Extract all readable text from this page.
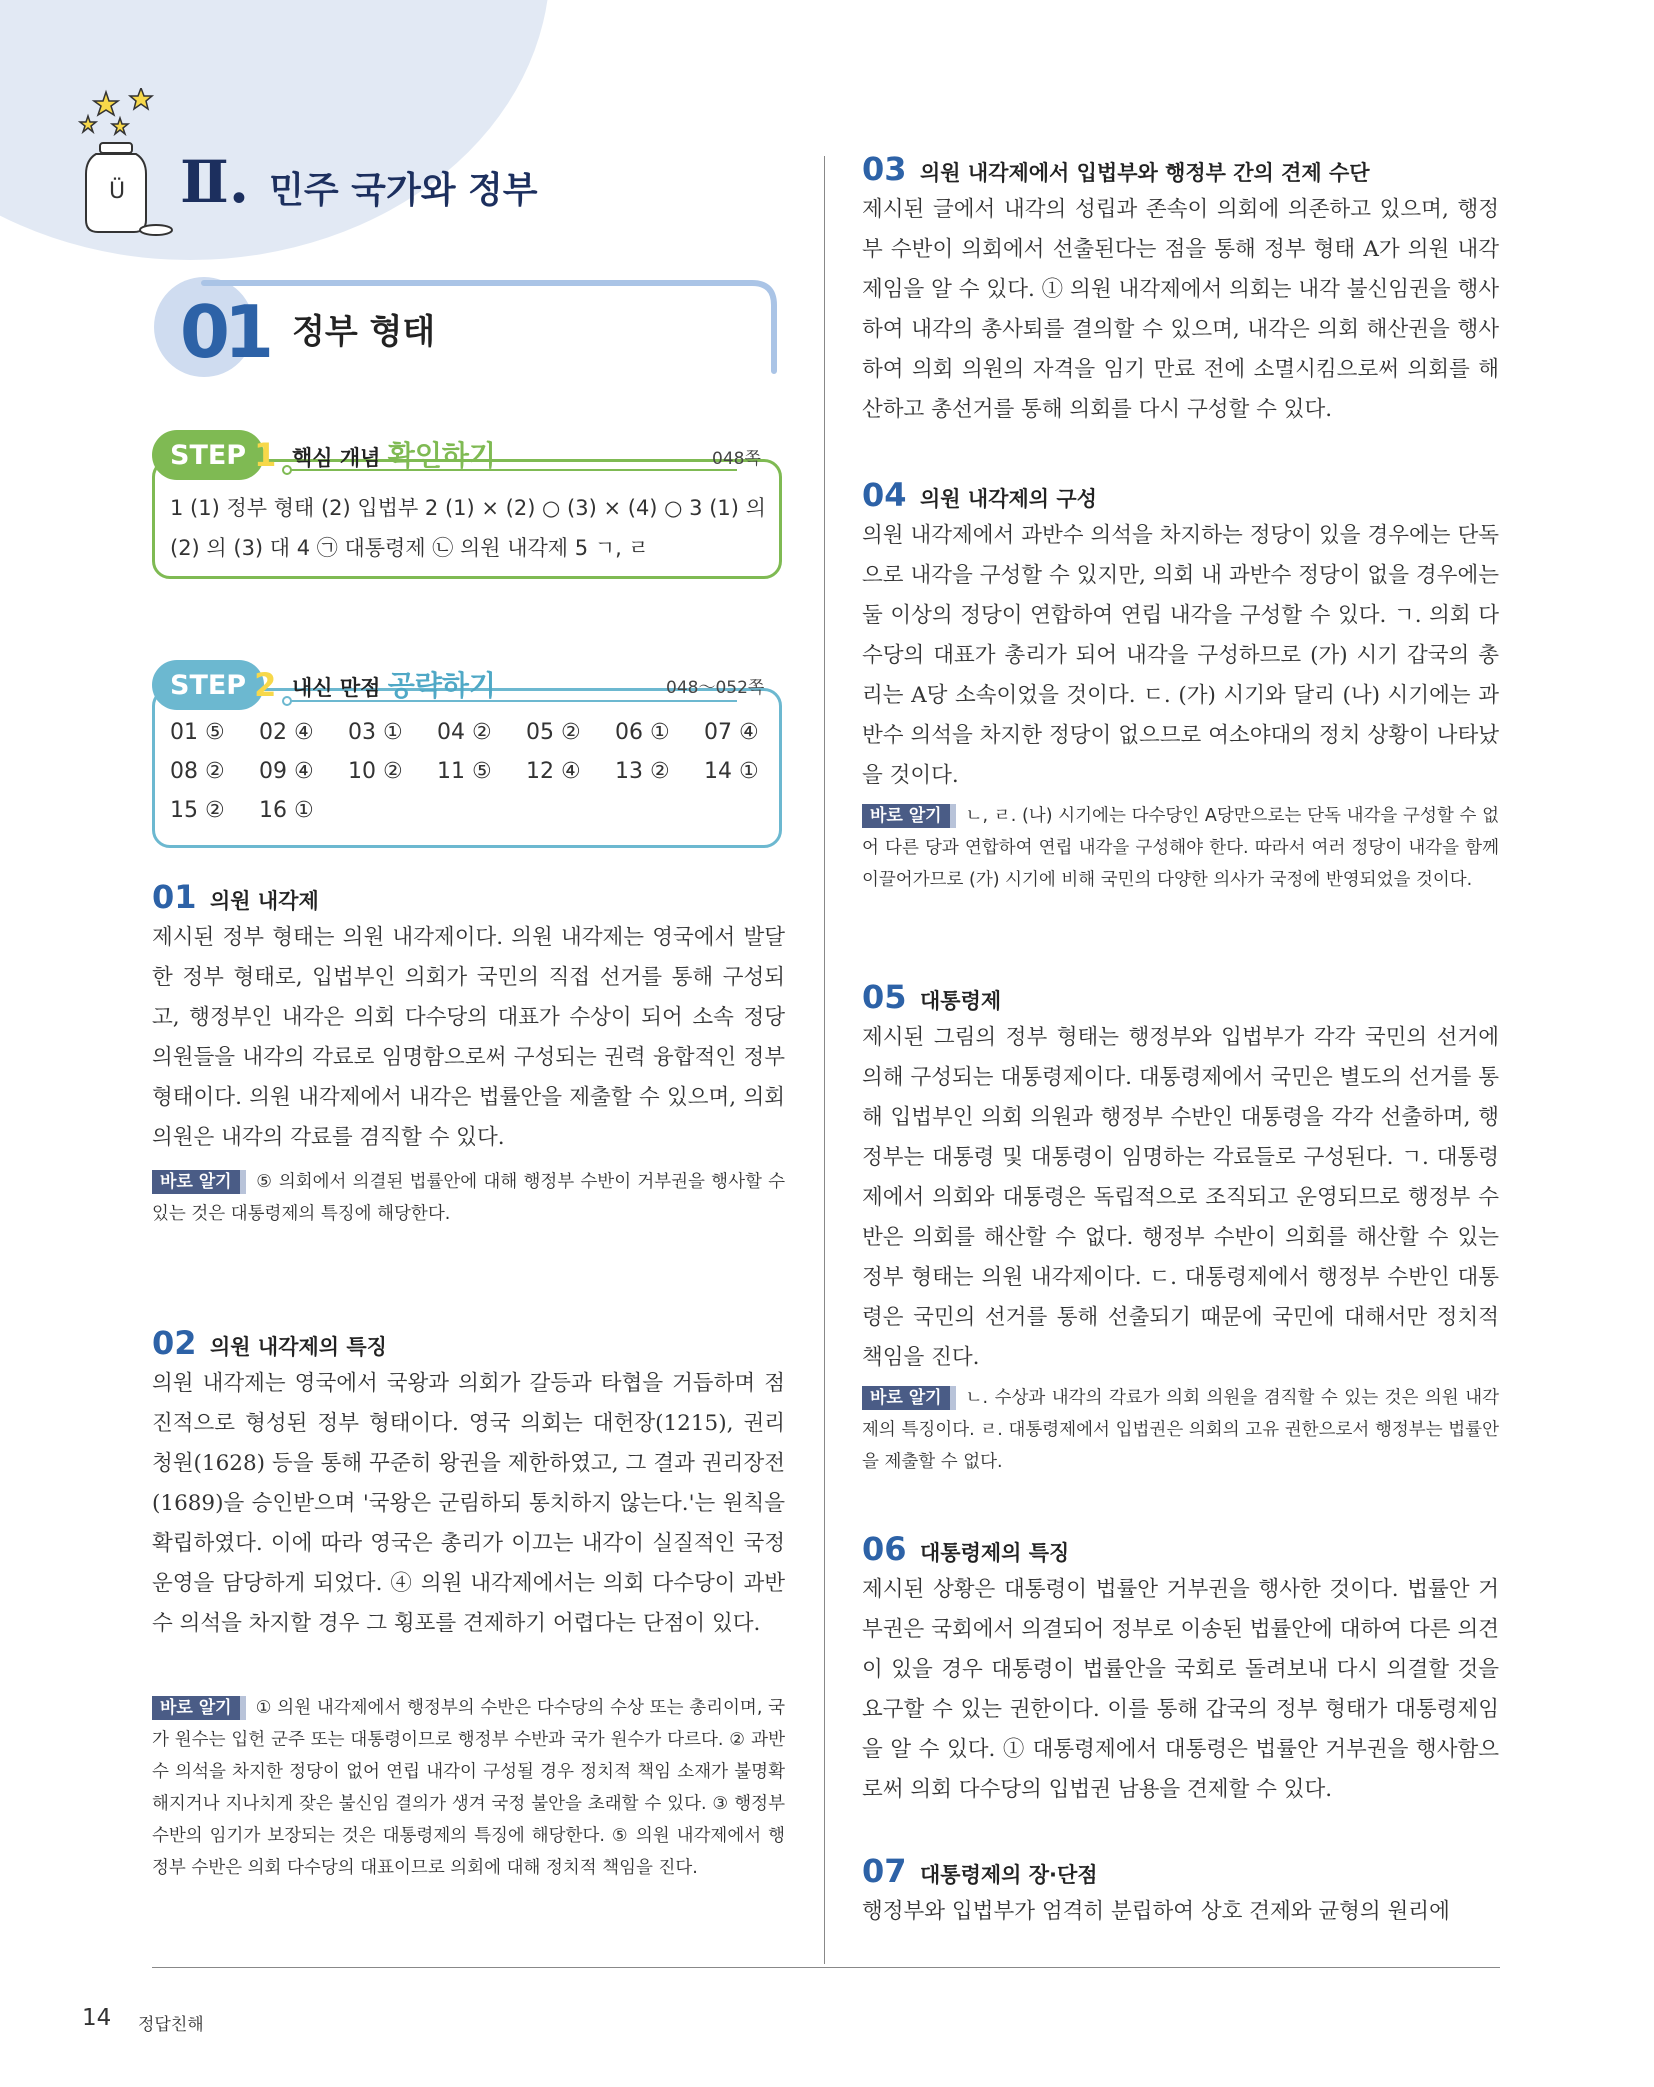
Ü Ⅱ. 민주 국가와 정부
01 정부 형태
STEP 1 핵심 개념 확인하기	048쪽
1 (1) 정부 형태 (2) 입법부 2 (1) × (2) ○ (3) × (4) ○ 3 (1) 의
(2) 의 (3) 대 4 ㉠ 대통령제 ㉡ 의원 내각제 5 ㄱ, ㄹ
STEP 2 내신 만점 공략하기	048～052쪽
01 ⑤ 02 ④ 03 ① 04 ② 05 ② 06 ① 07 ④
08 ② 09 ④ 10 ② 11 ⑤ 12 ④ 13 ② 14 ①
15 ② 16 ①
01 의원 내각제
제시된 정부 형태는 의원 내각제이다. 의원 내각제는 영국에서 발달한 정부 형태로, 입법부인 의회가 국민의 직접 선거를 통해 구성되고, 행정부인 내각은 의회 다수당의 대표가 수상이 되어 소속 정당 의원들을 내각의 각료로 임명함으로써 구성되는 권력 융합적인 정부 형태이다. 의원 내각제에서 내각은 법률안을 제출할 수 있으며, 의회 의원은 내각의 각료를 겸직할 수 있다.
바로 알기 ⑤ 의회에서 의결된 법률안에 대해 행정부 수반이 거부권을 행사할 수 있는 것은 대통령제의 특징에 해당한다.
02 의원 내각제의 특징
의원 내각제는 영국에서 국왕과 의회가 갈등과 타협을 거듭하며 점진적으로 형성된 정부 형태이다. 영국 의회는 대헌장(1215), 권리 청원(1628) 등을 통해 꾸준히 왕권을 제한하였고, 그 결과 권리장전(1689)을 승인받으며 '국왕은 군림하되 통치하지 않는다.'는 원칙을 확립하였다. 이에 따라 영국은 총리가 이끄는 내각이 실질적인 국정 운영을 담당하게 되었다. ④ 의원 내각제에서는 의회 다수당이 과반수 의석을 차지할 경우 그 횡포를 견제하기 어렵다는 단점이 있다.
바로 알기 ① 의원 내각제에서 행정부의 수반은 다수당의 수상 또는 총리이며, 국가 원수는 입헌 군주 또는 대통령이므로 행정부 수반과 국가 원수가 다르다. ② 과반수 의석을 차지한 정당이 없어 연립 내각이 구성될 경우 정치적 책임 소재가 불명확해지거나 지나치게 잦은 불신임 결의가 생겨 국정 불안을 초래할 수 있다. ③ 행정부 수반의 임기가 보장되는 것은 대통령제의 특징에 해당한다. ⑤ 의원 내각제에서 행정부 수반은 의회 다수당의 대표이므로 의회에 대해 정치적 책임을 진다.
03 의원 내각제에서 입법부와 행정부 간의 견제 수단
제시된 글에서 내각의 성립과 존속이 의회에 의존하고 있으며, 행정부 수반이 의회에서 선출된다는 점을 통해 정부 형태 A가 의원 내각제임을 알 수 있다. ① 의원 내각제에서 의회는 내각 불신임권을 행사하여 내각의 총사퇴를 결의할 수 있으며, 내각은 의회 해산권을 행사하여 의회 의원의 자격을 임기 만료 전에 소멸시킴으로써 의회를 해산하고 총선거를 통해 의회를 다시 구성할 수 있다.
04 의원 내각제의 구성
의원 내각제에서 과반수 의석을 차지하는 정당이 있을 경우에는 단독으로 내각을 구성할 수 있지만, 의회 내 과반수 정당이 없을 경우에는 둘 이상의 정당이 연합하여 연립 내각을 구성할 수 있다. ㄱ. 의회 다수당의 대표가 총리가 되어 내각을 구성하므로 (가) 시기 갑국의 총리는 A당 소속이었을 것이다. ㄷ. (가) 시기와 달리 (나) 시기에는 과반수 의석을 차지한 정당이 없으므로 여소야대의 정치 상황이 나타났을 것이다.
바로 알기 ㄴ, ㄹ. (나) 시기에는 다수당인 A당만으로는 단독 내각을 구성할 수 없어 다른 당과 연합하여 연립 내각을 구성해야 한다. 따라서 여러 정당이 내각을 함께 이끌어가므로 (가) 시기에 비해 국민의 다양한 의사가 국정에 반영되었을 것이다.
05 대통령제
제시된 그림의 정부 형태는 행정부와 입법부가 각각 국민의 선거에 의해 구성되는 대통령제이다. 대통령제에서 국민은 별도의 선거를 통해 입법부인 의회 의원과 행정부 수반인 대통령을 각각 선출하며, 행정부는 대통령 및 대통령이 임명하는 각료들로 구성된다. ㄱ. 대통령제에서 의회와 대통령은 독립적으로 조직되고 운영되므로 행정부 수반은 의회를 해산할 수 없다. 행정부 수반이 의회를 해산할 수 있는 정부 형태는 의원 내각제이다. ㄷ. 대통령제에서 행정부 수반인 대통령은 국민의 선거를 통해 선출되기 때문에 국민에 대해서만 정치적 책임을 진다.
바로 알기 ㄴ. 수상과 내각의 각료가 의회 의원을 겸직할 수 있는 것은 의원 내각제의 특징이다. ㄹ. 대통령제에서 입법권은 의회의 고유 권한으로서 행정부는 법률안을 제출할 수 없다.
06 대통령제의 특징
제시된 상황은 대통령이 법률안 거부권을 행사한 것이다. 법률안 거부권은 국회에서 의결되어 정부로 이송된 법률안에 대하여 다른 의견이 있을 경우 대통령이 법률안을 국회로 돌려보내 다시 의결할 것을 요구할 수 있는 권한이다. 이를 통해 갑국의 정부 형태가 대통령제임을 알 수 있다. ① 대통령제에서 대통령은 법률안 거부권을 행사함으로써 의회 다수당의 입법권 남용을 견제할 수 있다.
07 대통령제의 장·단점
행정부와 입법부가 엄격히 분립하여 상호 견제와 균형의 원리에
14 정답친해
